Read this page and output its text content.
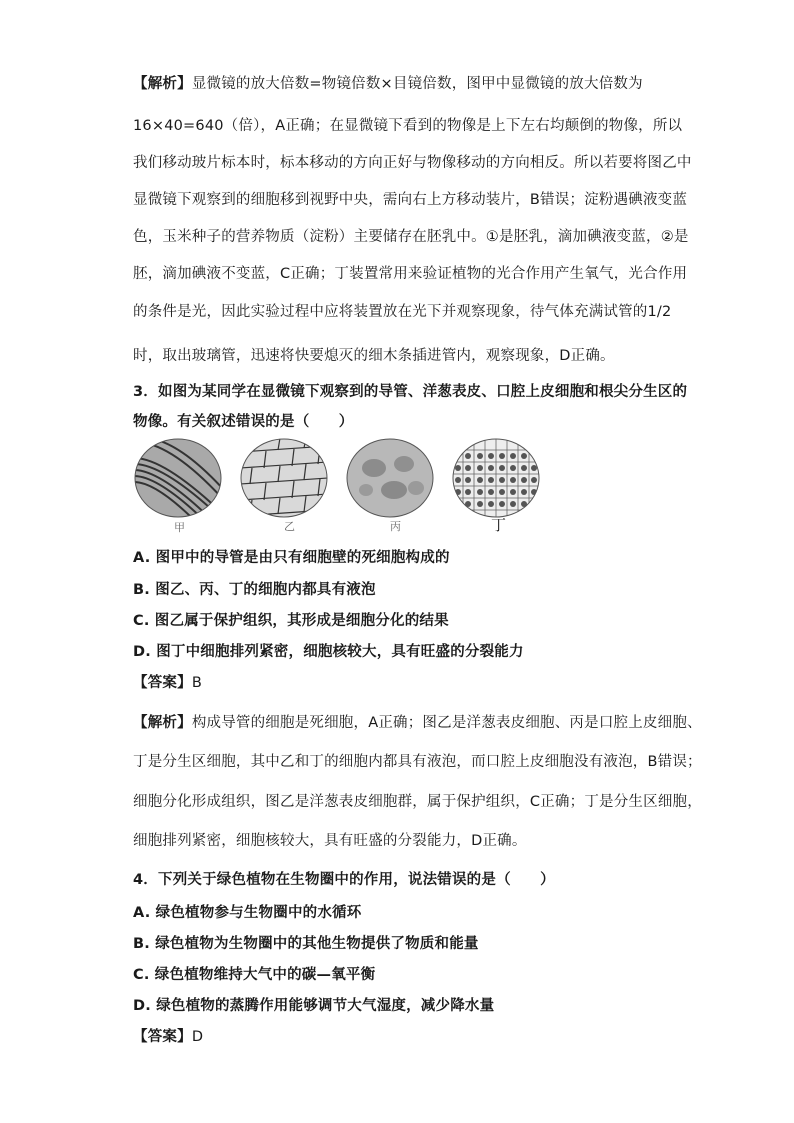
【解析】显微镜的放大倍数=物镜倍数×目镜倍数，图甲中显微镜的放大倍数为
16×40=640（倍），A正确；在显微镜下看到的物像是上下左右均颠倒的物像，所以
我们移动玻片标本时，标本移动的方向正好与物像移动的方向相反。所以若要将图乙中
显微镜下观察到的细胞移到视野中央，需向右上方移动装片，B错误；淀粉遇碘液变蓝
色，玉米种子的营养物质（淀粉）主要储存在胚乳中。①是胚乳，滴加碘液变蓝，②是
胚，滴加碘液不变蓝，C正确；丁装置常用来验证植物的光合作用产生氧气，光合作用
的条件是光，因此实验过程中应将装置放在光下并观察现象，待气体充满试管的1/2
时，取出玻璃管，迅速将快要熄灭的细木条插进管内，观察现象，D正确。
3．如图为某同学在显微镜下观察到的导管、洋葱表皮、口腔上皮细胞和根尖分生区的
物像。有关叙述错误的是（　　）
甲	乙	丙	丁
A. 图甲中的导管是由只有细胞壁的死细胞构成的
B. 图乙、丙、丁的细胞内都具有液泡
C. 图乙属于保护组织，其形成是细胞分化的结果
D. 图丁中细胞排列紧密，细胞核较大，具有旺盛的分裂能力
【答案】B
【解析】构成导管的细胞是死细胞，A正确；图乙是洋葱表皮细胞、丙是口腔上皮细胞、
丁是分生区细胞，其中乙和丁的细胞内都具有液泡，而口腔上皮细胞没有液泡，B错误；
细胞分化形成组织，图乙是洋葱表皮细胞群，属于保护组织，C正确；丁是分生区细胞，
细胞排列紧密，细胞核较大，具有旺盛的分裂能力，D正确。
4．下列关于绿色植物在生物圈中的作用，说法错误的是（　　）
A. 绿色植物参与生物圈中的水循环
B. 绿色植物为生物圈中的其他生物提供了物质和能量
C. 绿色植物维持大气中的碳—氧平衡
D. 绿色植物的蒸腾作用能够调节大气湿度，减少降水量
【答案】D
